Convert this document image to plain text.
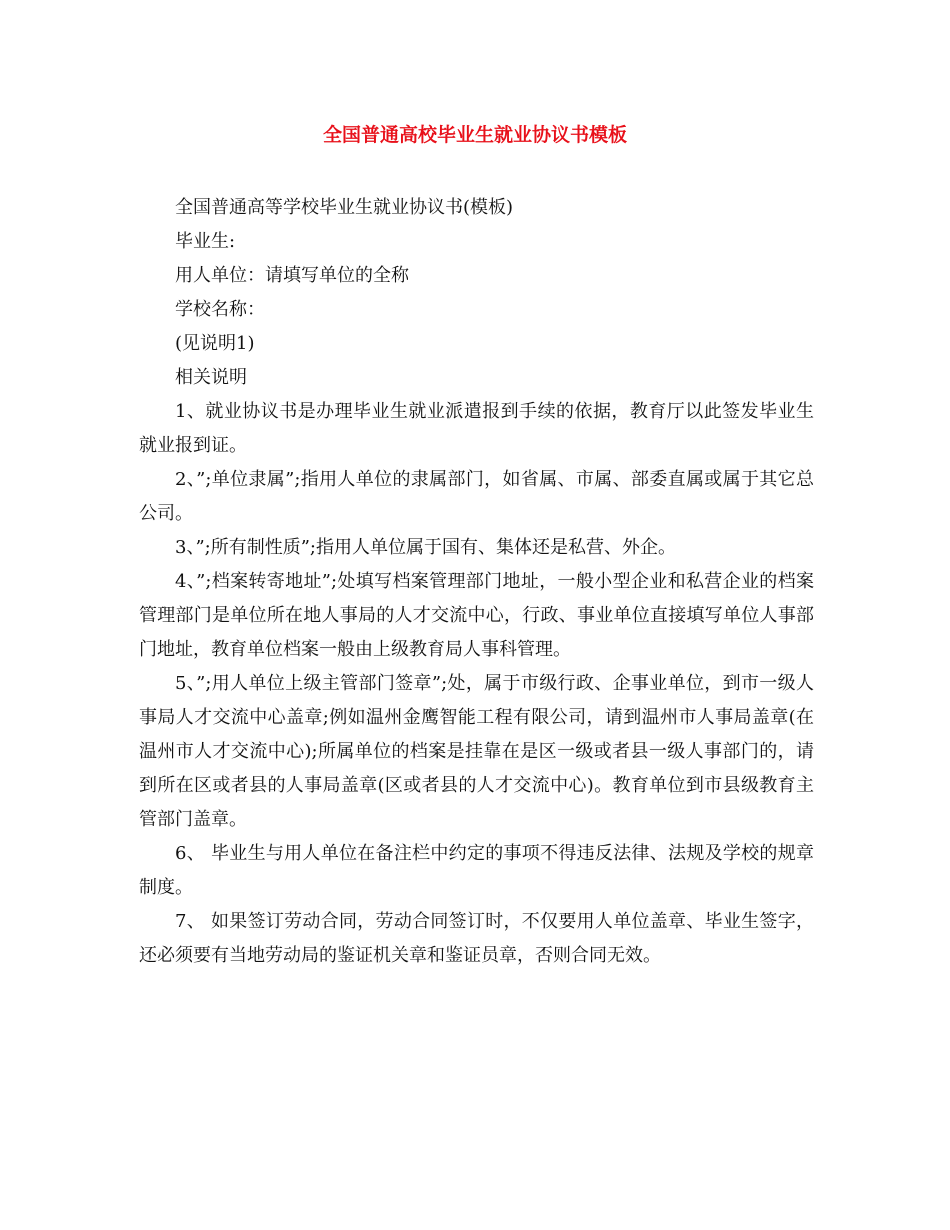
全国普通高校毕业生就业协议书模板

全国普通高等学校毕业生就业协议书(模板)

毕业生:

用人单位：请填写单位的全称

学校名称：

(见说明1)

相关说明

1、就业协议书是办理毕业生就业派遣报到手续的依据，教育厅以此签发毕业生就业报到证。

2、”;单位隶属”;指用人单位的隶属部门，如省属、市属、部委直属或属于其它总公司。

3、”;所有制性质”;指用人单位属于国有、集体还是私营、外企。

4、”;档案转寄地址”;处填写档案管理部门地址，一般小型企业和私营企业的档案管理部门是单位所在地人事局的人才交流中心，行政、事业单位直接填写单位人事部门地址，教育单位档案一般由上级教育局人事科管理。

5、”;用人单位上级主管部门签章”;处，属于市级行政、企事业单位，到市一级人事局人才交流中心盖章;例如温州金鹰智能工程有限公司，请到温州市人事局盖章(在温州市人才交流中心);所属单位的档案是挂靠在是区一级或者县一级人事部门的，请到所在区或者县的人事局盖章(区或者县的人才交流中心)。教育单位到市县级教育主管部门盖章。

6、 毕业生与用人单位在备注栏中约定的事项不得违反法律、法规及学校的规章制度。

7、 如果签订劳动合同，劳动合同签订时，不仅要用人单位盖章、毕业生签字，还必须要有当地劳动局的鉴证机关章和鉴证员章，否则合同无效。
